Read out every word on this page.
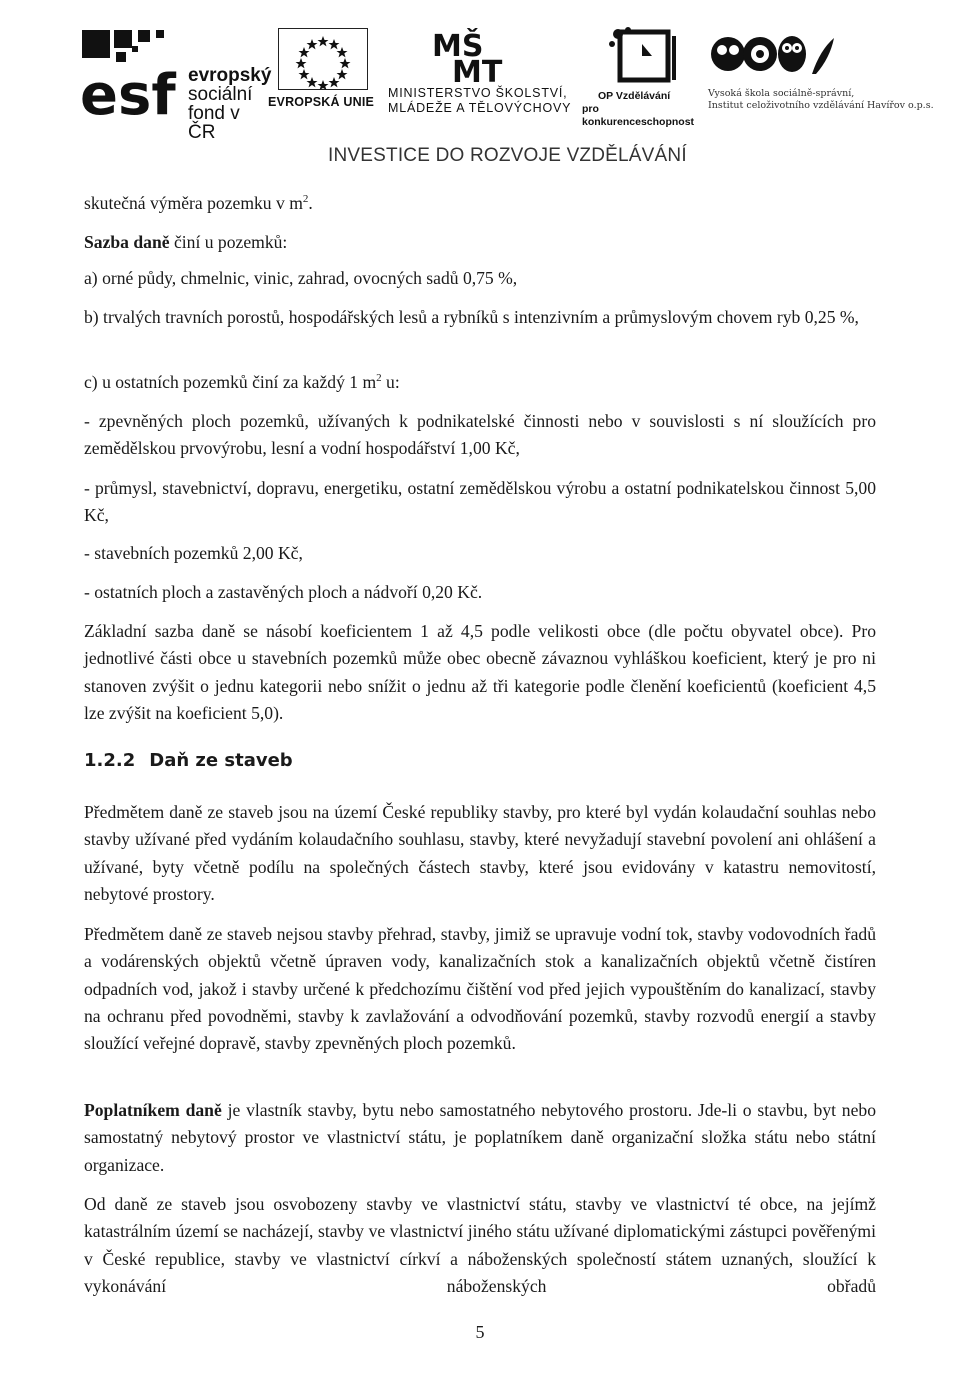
esf evropský
sociální
fond v ČR
EVROPSKÁ UNIE
MŠ
MT
MINISTERSTVO ŠKOLSTVÍ,
MLÁDEŽE A TĚLOVÝCHOVY
OP Vzdělávání
pro konkurenceschopnost
Vysoká škola sociálně-správní,
Institut celoživotního vzdělávání Havířov o.p.s.
INVESTICE DO ROZVOJE VZDĚLÁVÁNÍ

skutečná výměra pozemku v $m^2$.

Sazba daně činí u pozemků:

a) orné půdy, chmelnic, vinic, zahrad, ovocných sadů 0,75 %,

b) trvalých travních porostů, hospodářských lesů a rybníků s intenzivním a průmyslovým chovem ryb 0,25 %,

c) u ostatních pozemků činí za každý 1 $m^2$ u:

- zpevněných ploch pozemků, užívaných k podnikatelské činnosti nebo v souvislosti s ní sloužících pro zemědělskou prvovýrobu, lesní a vodní hospodářství 1,00 Kč,

- průmysl, stavebnictví, dopravu, energetiku, ostatní zemědělskou výrobu a ostatní podnikatelskou činnost 5,00 Kč,

- stavebních pozemků 2,00 Kč,

- ostatních ploch a zastavěných ploch a nádvoří 0,20 Kč.

Základní sazba daně se násobí koeficientem 1 až 4,5 podle velikosti obce (dle počtu obyvatel obce). Pro jednotlivé části obce u stavebních pozemků může obec obecně závaznou vyhláškou koeficient, který je pro ni stanoven zvýšit o jednu kategorii nebo snížit o jednu až tři kategorie podle členění koeficientů (koeficient 4,5 lze zvýšit na koeficient 5,0).

1.2.2 Daň ze staveb

Předmětem daně ze staveb jsou na území České republiky stavby, pro které byl vydán kolaudační souhlas nebo stavby užívané před vydáním kolaudačního souhlasu, stavby, které nevyžadují stavební povolení ani ohlášení a užívané, byty včetně podílu na společných částech stavby, které jsou evidovány v katastru nemovitostí, nebytové prostory.

Předmětem daně ze staveb nejsou stavby přehrad, stavby, jimiž se upravuje vodní tok, stavby vodovodních řadů a vodárenských objektů včetně úpraven vody, kanalizačních stok a kanalizačních objektů včetně čistíren odpadních vod, jakož i stavby určené k předchozímu čištění vod před jejich vypouštěním do kanalizací, stavby na ochranu před povodněmi, stavby k zavlažování a odvodňování pozemků, stavby rozvodů energií a stavby sloužící veřejné dopravě, stavby zpevněných ploch pozemků.

Poplatníkem daně je vlastník stavby, bytu nebo samostatného nebytového prostoru. Jde-li o stavbu, byt nebo samostatný nebytový prostor ve vlastnictví státu, je poplatníkem daně organizační složka státu nebo státní organizace.

Od daně ze staveb jsou osvobozeny stavby ve vlastnictví státu, stavby ve vlastnictví té obce, na jejímž katastrálním území se nacházejí, stavby ve vlastnictví jiného státu užívané diplomatickými zástupci pověřenými v České republice, stavby ve vlastnictví církví a náboženských společností státem uznaných, sloužící k vykonávání náboženských obřadů

5
